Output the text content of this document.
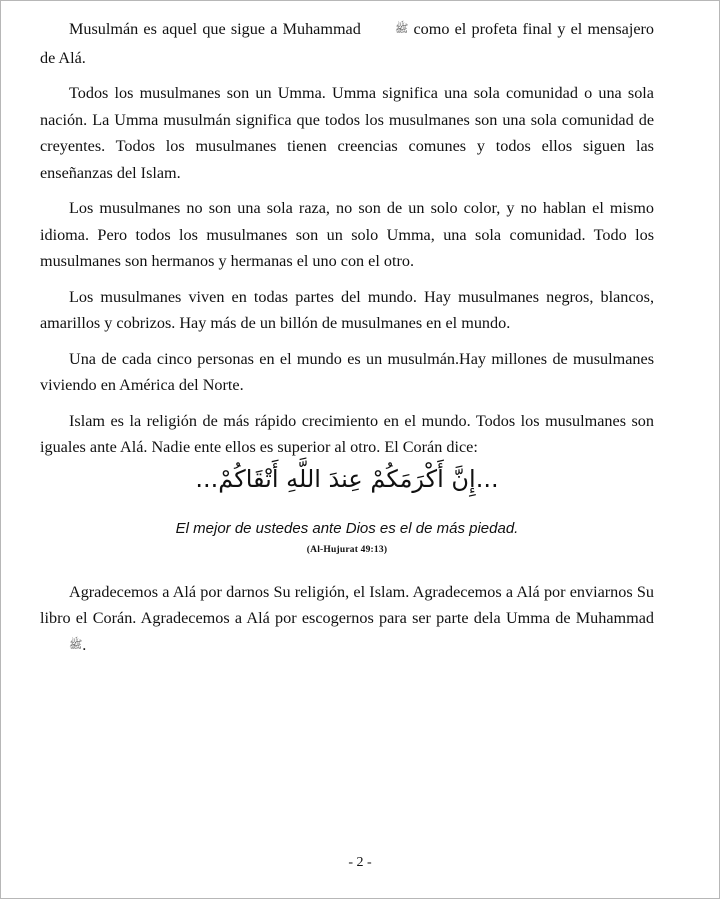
Musulmán es aquel que sigue a Muhammad	ﷺ como el profeta final y el mensajero de Alá.

Todos los musulmanes son un Umma. Umma significa una sola comunidad o una sola nación. La Umma musulmán significa que todos los musulmanes son una sola comunidad de creyentes. Todos los musulmanes tienen creencias comunes y todos ellos siguen las enseñanzas del Islam.

Los musulmanes no son una sola raza, no son de un solo color, y no hablan el mismo idioma. Pero todos los musulmanes son un solo Umma, una sola comunidad. Todo los musulmanes son hermanos y hermanas el uno con el otro.

Los musulmanes viven en todas partes del mundo. Hay musulmanes negros, blancos, amarillos y cobrizos. Hay más de un billón de musulmanes en el mundo.

Una de cada cinco personas en el mundo es un musulmán.Hay millones de musulmanes viviendo en América del Norte.

Islam es la religión de más rápido crecimiento en el mundo. Todos los musulmanes son iguales ante Alá. Nadie ente ellos es superior al otro. El Corán dice:

...إِنَّ أَكْرَمَكُمْ عِندَ اللَّهِ أَتْقَاكُمْ...

El mejor de ustedes ante Dios es el de más piedad.

(Al-Hujurat 49:13)

Agradecemos a Alá por darnos Su religión, el Islam. Agradecemos a Alá por enviarnos Su libro el Corán. Agradecemos a Alá por escogernos para ser parte dela Umma de Muhammad ﷺ.

- 2 -
